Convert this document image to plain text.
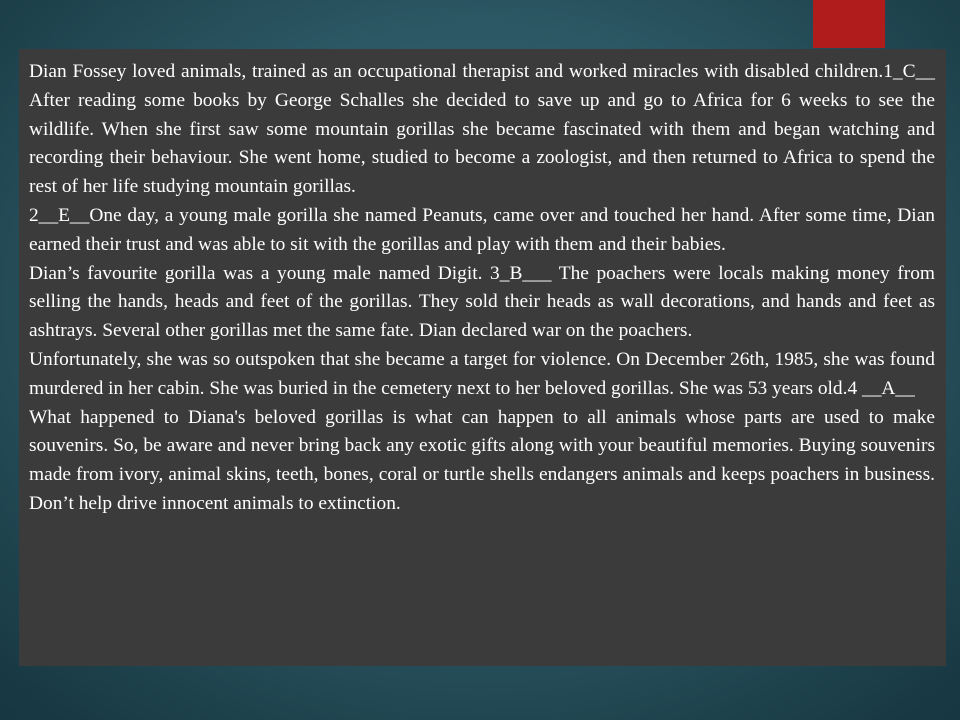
Dian Fossey loved animals, trained as an occupational therapist and worked miracles with disabled children.1_C__ After reading some books by George Schalles she decided to save up and go to Africa for 6 weeks to see the wildlife. When she first saw some mountain gorillas she became fascinated with them and began watching and recording their behaviour. She went home, studied to become a zoologist, and then returned to Africa to spend the rest of her life studying mountain gorillas.

2__E__One day, a young male gorilla she named Peanuts, came over and touched her hand. After some time, Dian earned their trust and was able to sit with the gorillas and play with them and their babies.

Dian’s favourite gorilla was a young male named Digit. 3_B___ The poachers were locals making money from selling the hands, heads and feet of the gorillas. They sold their heads as wall decorations, and hands and feet as ashtrays. Several other gorillas met the same fate. Dian declared war on the poachers.

Unfortunately, she was so outspoken that she became a target for violence. On December 26th, 1985, she was found murdered in her cabin. She was buried in the cemetery next to her beloved gorillas. She was 53 years old.4 __A__

What happened to Diana's beloved gorillas is what can happen to all animals whose parts are used to make souvenirs. So, be aware and never bring back any exotic gifts along with your beautiful memories. Buying souvenirs made from ivory, animal skins, teeth, bones, coral or turtle shells endangers animals and keeps poachers in business. Don’t help drive innocent animals to extinction.
